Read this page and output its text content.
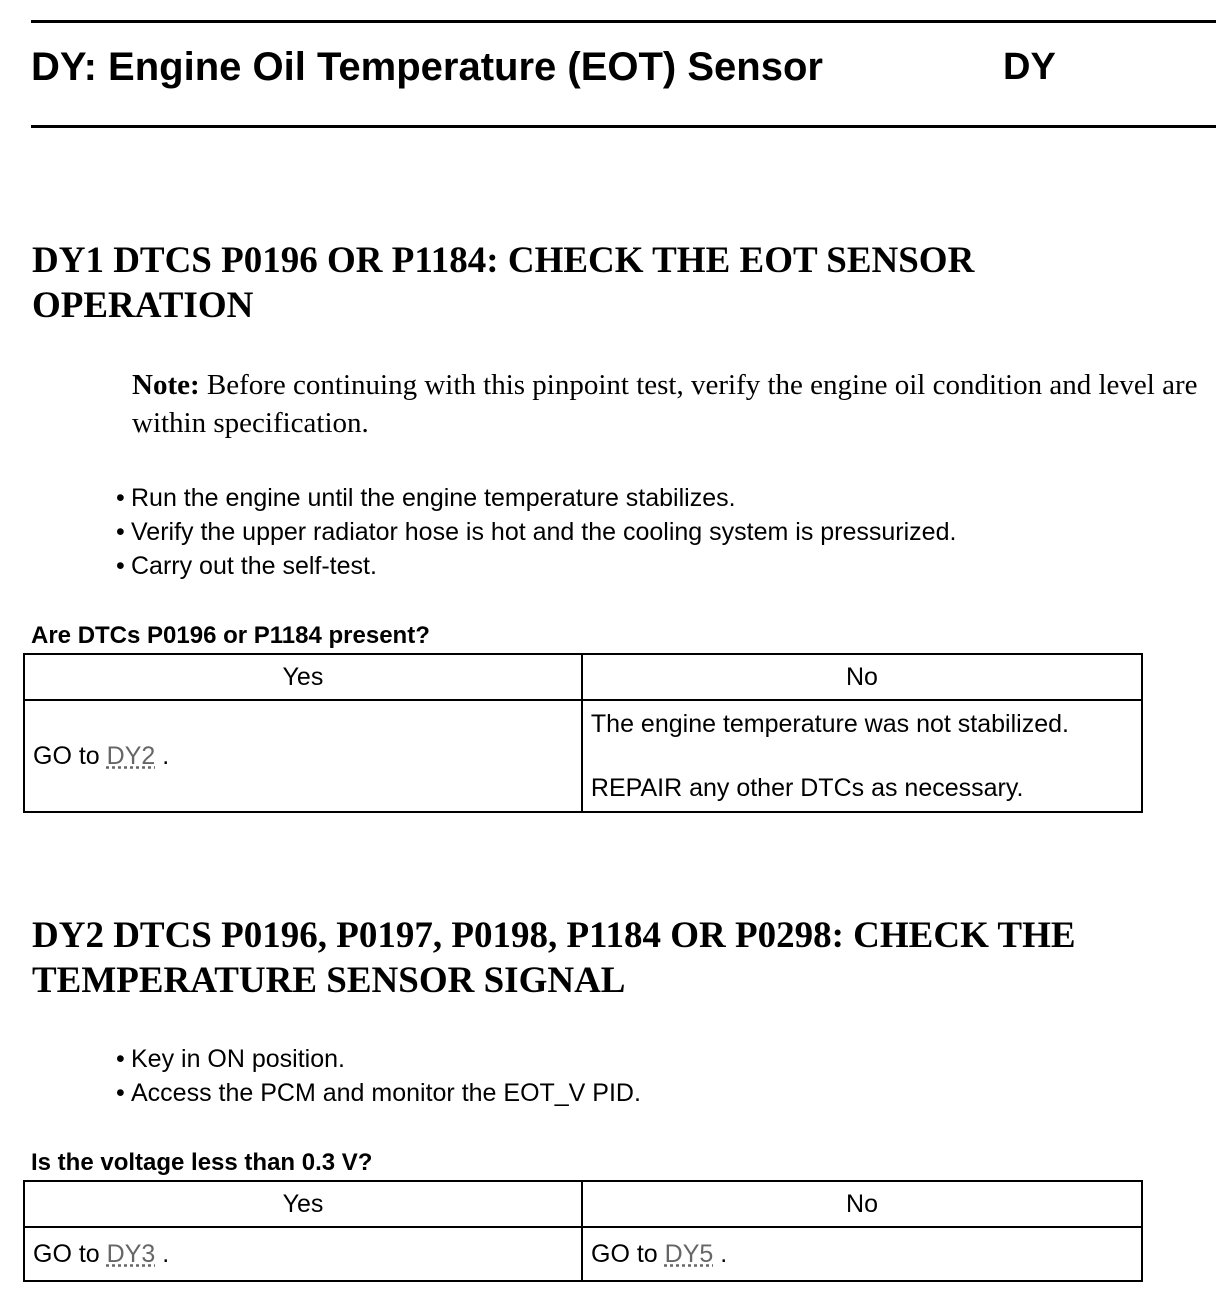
DY: Engine Oil Temperature (EOT) Sensor	DY
DY1 DTCS P0196 OR P1184: CHECK THE EOT SENSOR OPERATION
Note: Before continuing with this pinpoint test, verify the engine oil condition and level are within specification.
• Run the engine until the engine temperature stabilizes.
• Verify the upper radiator hose is hot and the cooling system is pressurized.
• Carry out the self-test.
Are DTCs P0196 or P1184 present?
Yes	No
GO to DY2 .	The engine temperature was not stabilized.
REPAIR any other DTCs as necessary.
DY2 DTCS P0196, P0197, P0198, P1184 OR P0298: CHECK THE TEMPERATURE SENSOR SIGNAL
• Key in ON position.
• Access the PCM and monitor the EOT_V PID.
Is the voltage less than 0.3 V?
Yes	No
GO to DY3 .	GO to DY5 .
